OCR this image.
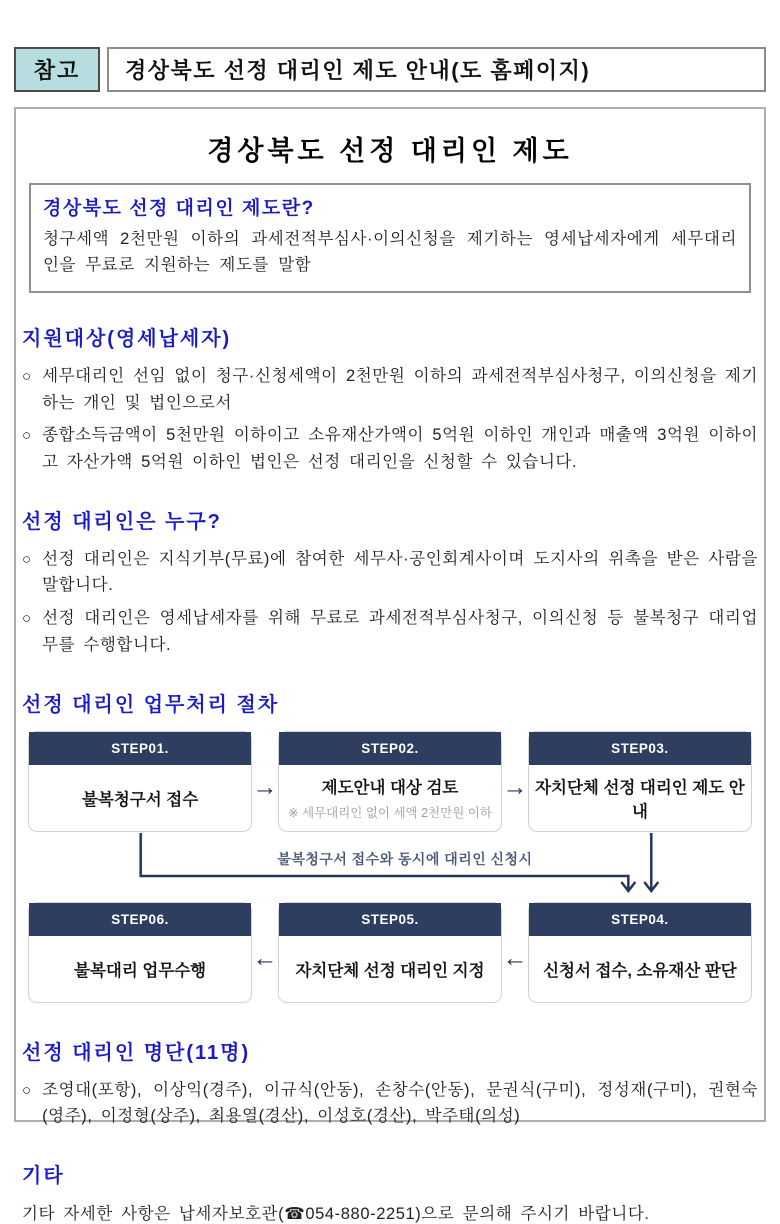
참고	경상북도 선정 대리인 제도 안내(도 홈페이지)
경상북도 선정 대리인 제도
경상북도 선정 대리인 제도란?
청구세액 2천만원 이하의 과세전적부심사·이의신청을 제기하는 영세납세자에게 세무대리인을 무료로 지원하는 제도를 말함
지원대상(영세납세자)
○ 세무대리인 선임 없이 청구·신청세액이 2천만원 이하의 과세전적부심사청구, 이의신청을 제기하는 개인 및 법인으로서
○ 종합소득금액이 5천만원 이하이고 소유재산가액이 5억원 이하인 개인과 매출액 3억원 이하이고 자산가액 5억원 이하인 법인은 선정 대리인을 신청할 수 있습니다.
선정 대리인은 누구?
○ 선정 대리인은 지식기부(무료)에 참여한 세무사·공인회계사이며 도지사의 위촉을 받은 사람을 말합니다.
○ 선정 대리인은 영세납세자를 위해 무료로 과세전적부심사청구, 이의신청 등 불복청구 대리업무를 수행합니다.
선정 대리인 업무처리 절차
STEP01.
불복청구서 접수 →
STEP02.
제도안내 대상 검토
※ 세무대리인 없이 세액 2천만원 이하
→
STEP03.
자치단체 선정 대리인 제도 안내
불복청구서 접수와 동시에 대리인 신청시
STEP06.
불복대리 업무수행 ←
STEP05.
자치단체 선정 대리인 지정 ←
STEP04.
신청서 접수, 소유재산 판단
선정 대리인 명단(11명)
○ 조영대(포항), 이상익(경주), 이규식(안동), 손창수(안동), 문권식(구미), 정성재(구미), 권현숙(영주), 이정형(상주), 최용열(경산), 이성호(경산), 박주태(의성)
기타
기타 자세한 사항은 납세자보호관(☎054-880-2251)으로 문의해 주시기 바랍니다.
